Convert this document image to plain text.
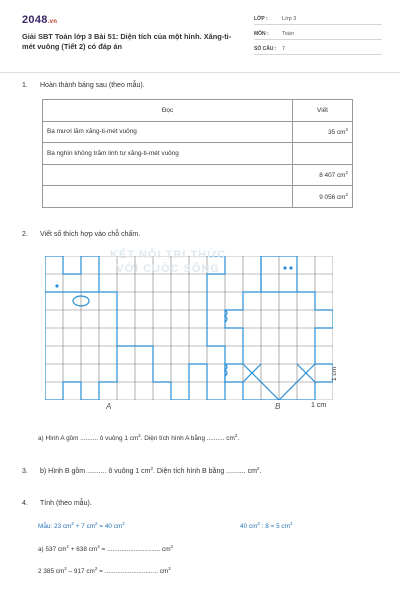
2048.vn
Giải SBT Toán lớp 3 Bài 51: Diện tích của một hình. Xăng-ti-mét vuông (Tiết 2) có đáp án
LỚP :	Lớp 3
MÔN :	Toán
SỐ CÂU :	7
1. Hoàn thành bảng sau (theo mẫu).
Đọc	Viết
Ba mươi lăm xăng-ti-mét vuông	35 $cm^2$
Ba nghìn không trăm linh tư xăng-ti-mét vuông	
	8 407 $cm^2$
	9 056 $cm^2$
2. Viết số thích hợp vào chỗ chấm.
KẾT NỐI TRI THỨC
VỚI CUỘC SỐNG
1 cm
1 cm
A	B
a) Hình A gồm .......... ô vuông 1 $cm^2$. Diện tích hình A bằng .......... $cm^2$.
3. b) Hình B gồm .......... ô vuông 1 $cm^2$. Diện tích hình B bằng .......... $cm^2$.
4. Tính (theo mẫu).
Mẫu: 23 $cm^2 + 7$ $cm^2 = 40$ $cm^2$	40 $cm^2$ : 8 = 5 $cm^2$
a) 537 $cm^2 + 638$ $cm^2$ = .............................. $cm^2$
2 385 $cm^2 - 917$ $cm^2$ = .............................. $cm^2$
